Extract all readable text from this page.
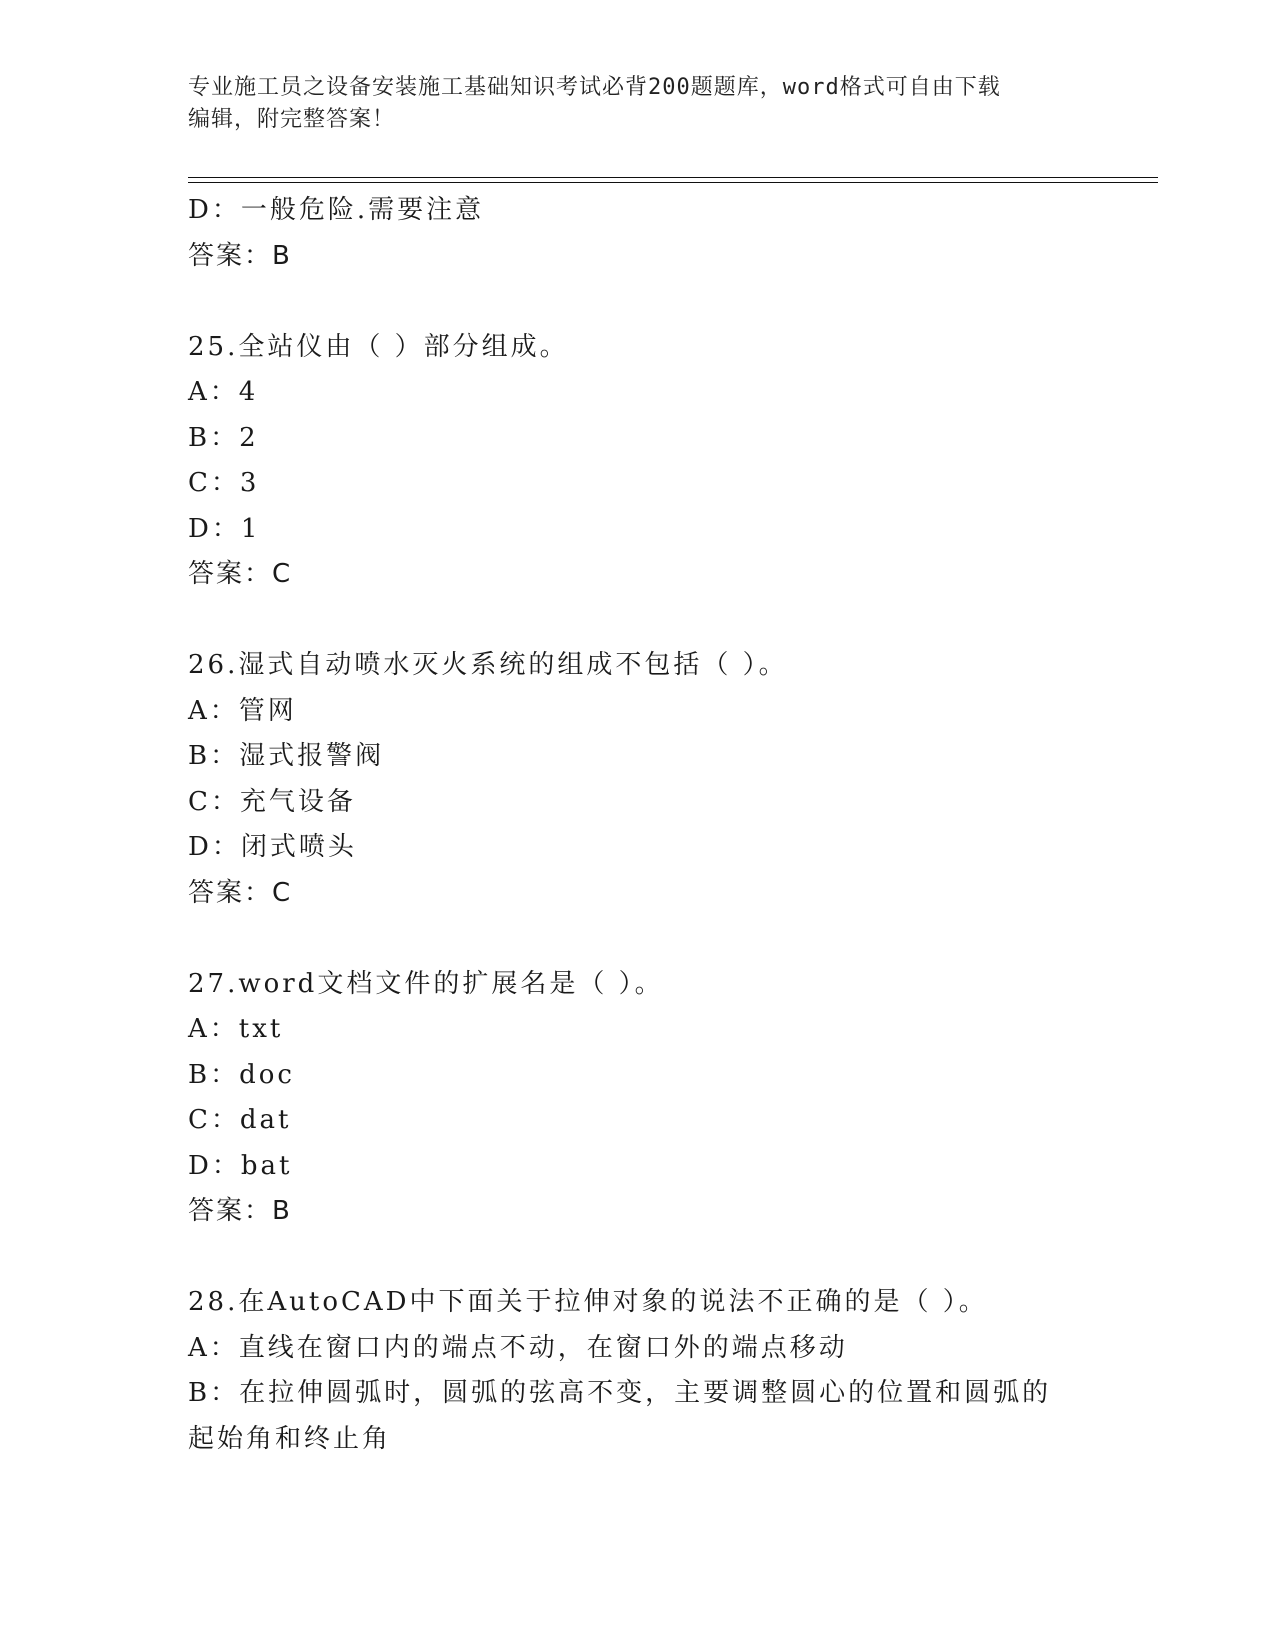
专业施工员之设备安装施工基础知识考试必背200题题库，word格式可自由下载
编辑，附完整答案！
D：一般危险.需要注意
答案：B
25.全站仪由（ ）部分组成。
A：4
B：2
C：3
D：1
答案：C
26.湿式自动喷水灭火系统的组成不包括（ ）。
A：管网
B：湿式报警阀
C：充气设备
D：闭式喷头
答案：C
27.word文档文件的扩展名是（ ）。
A：txt
B：doc
C：dat
D：bat
答案：B
28.在AutoCAD中下面关于拉伸对象的说法不正确的是（ ）。
A：直线在窗口内的端点不动，在窗口外的端点移动
B：在拉伸圆弧时，圆弧的弦高不变，主要调整圆心的位置和圆弧的起始角和终止角
